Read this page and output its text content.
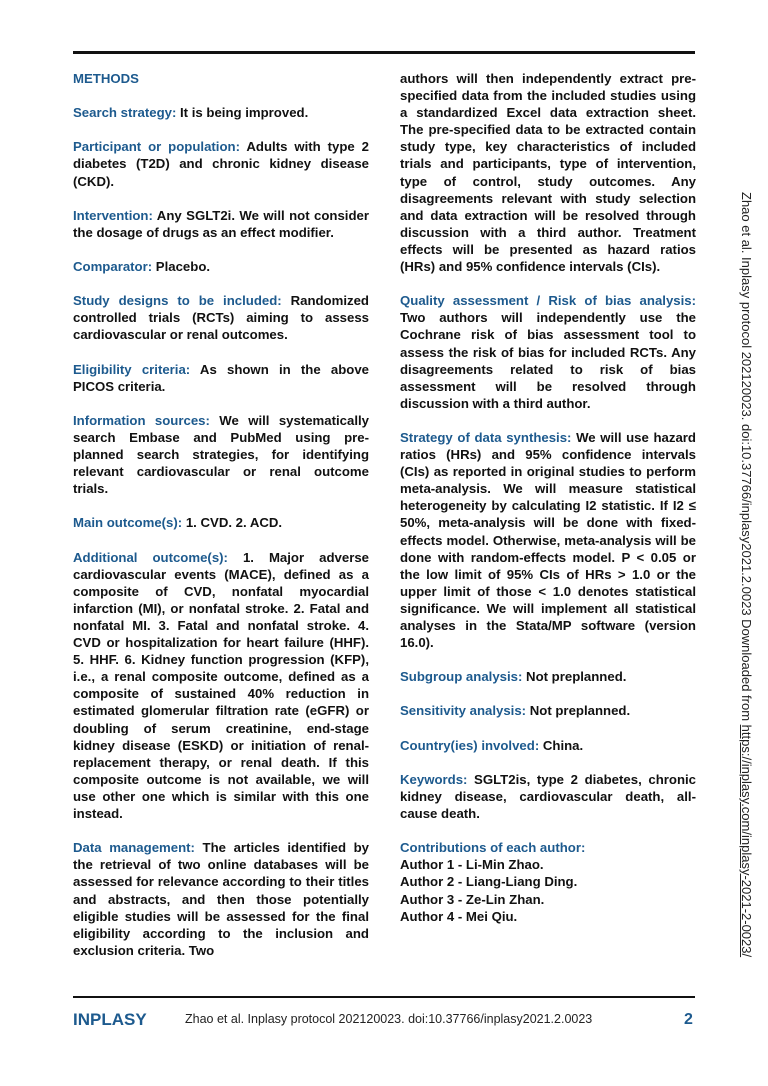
METHODS
Search strategy: It is being improved.
Participant or population: Adults with type 2 diabetes (T2D) and chronic kidney disease (CKD).
Intervention: Any SGLT2i. We will not consider the dosage of drugs as an effect modifier.
Comparator: Placebo.
Study designs to be included: Randomized controlled trials (RCTs) aiming to assess cardiovascular or renal outcomes.
Eligibility criteria: As shown in the above PICOS criteria.
Information sources: We will systematically search Embase and PubMed using pre-planned search strategies, for identifying relevant cardiovascular or renal outcome trials.
Main outcome(s): 1. CVD. 2. ACD.
Additional outcome(s): 1. Major adverse cardiovascular events (MACE), defined as a composite of CVD, nonfatal myocardial infarction (MI), or nonfatal stroke. 2. Fatal and nonfatal MI. 3. Fatal and nonfatal stroke. 4. CVD or hospitalization for heart failure (HHF). 5. HHF. 6. Kidney function progression (KFP), i.e., a renal composite outcome, defined as a composite of sustained 40% reduction in estimated glomerular filtration rate (eGFR) or doubling of serum creatinine, end-stage kidney disease (ESKD) or initiation of renal-replacement therapy, or renal death. If this composite outcome is not available, we will use other one which is similar with this one instead.
Data management: The articles identified by the retrieval of two online databases will be assessed for relevance according to their titles and abstracts, and then those potentially eligible studies will be assessed for the final eligibility according to the inclusion and exclusion criteria. Two
authors will then independently extract pre-specified data from the included studies using a standardized Excel data extraction sheet. The pre-specified data to be extracted contain study type, key characteristics of included trials and participants, type of intervention, type of control, study outcomes. Any disagreements relevant with study selection and data extraction will be resolved through discussion with a third author. Treatment effects will be presented as hazard ratios (HRs) and 95% confidence intervals (CIs).
Quality assessment / Risk of bias analysis: Two authors will independently use the Cochrane risk of bias assessment tool to assess the risk of bias for included RCTs. Any disagreements related to risk of bias assessment will be resolved through discussion with a third author.
Strategy of data synthesis: We will use hazard ratios (HRs) and 95% confidence intervals (CIs) as reported in original studies to perform meta-analysis. We will measure statistical heterogeneity by calculating I2 statistic. If I2 ≤ 50%, meta-analysis will be done with fixed-effects model. Otherwise, meta-analysis will be done with random-effects model. P < 0.05 or the low limit of 95% CIs of HRs > 1.0 or the upper limit of those < 1.0 denotes statistical significance. We will implement all statistical analyses in the Stata/MP software (version 16.0).
Subgroup analysis: Not preplanned.
Sensitivity analysis: Not preplanned.
Country(ies) involved: China.
Keywords: SGLT2is, type 2 diabetes, chronic kidney disease, cardiovascular death, all-cause death.
Contributions of each author:
Author 1 - Li-Min Zhao.
Author 2 - Liang-Liang Ding.
Author 3 - Ze-Lin Zhan.
Author 4 - Mei Qiu.
Zhao et al. Inplasy protocol 202120023. doi:10.37766/inplasy2021.2.0023 Downloaded from https://inplasy.com/inplasy-2021-2-0023/
INPLASY	Zhao et al. Inplasy protocol 202120023. doi:10.37766/inplasy2021.2.0023	2
